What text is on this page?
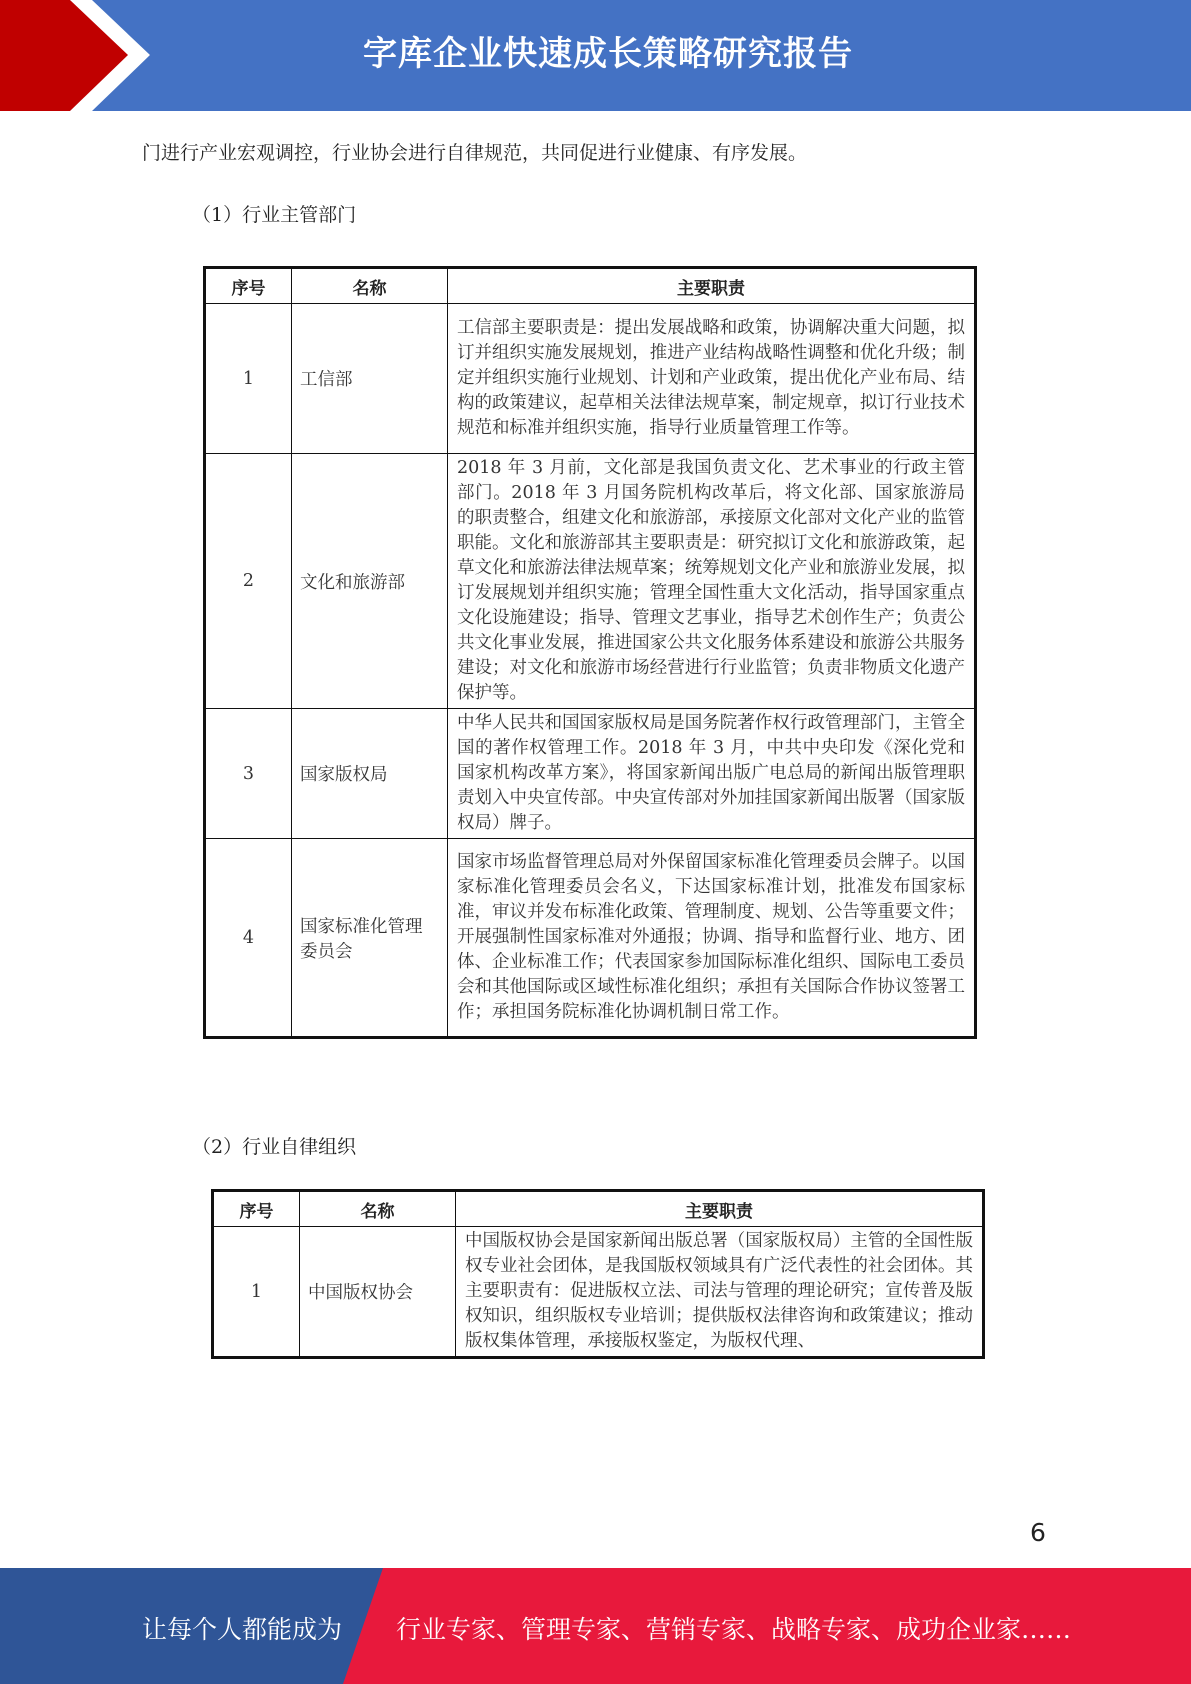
字库企业快速成长策略研究报告
门进行产业宏观调控，行业协会进行自律规范，共同促进行业健康、有序发展。
（1）行业主管部门
序号	名称	主要职责
1	工信部	工信部主要职责是：提出发展战略和政策，协调解决重大问题，拟订并组织实施发展规划，推进产业结构战略性调整和优化升级；制定并组织实施行业规划、计划和产业政策，提出优化产业布局、结构的政策建议，起草相关法律法规草案，制定规章，拟订行业技术规范和标准并组织实施，指导行业质量管理工作等。
2	文化和旅游部	2018 年 3 月前，文化部是我国负责文化、艺术事业的行政主管部门。2018 年 3 月国务院机构改革后，将文化部、国家旅游局的职责整合，组建文化和旅游部，承接原文化部对文化产业的监管职能。文化和旅游部其主要职责是：研究拟订文化和旅游政策，起草文化和旅游法律法规草案；统筹规划文化产业和旅游业发展，拟订发展规划并组织实施；管理全国性重大文化活动，指导国家重点文化设施建设；指导、管理文艺事业，指导艺术创作生产；负责公共文化事业发展，推进国家公共文化服务体系建设和旅游公共服务建设；对文化和旅游市场经营进行行业监管；负责非物质文化遗产保护等。
3	国家版权局	中华人民共和国国家版权局是国务院著作权行政管理部门，主管全国的著作权管理工作。2018 年 3 月，中共中央印发《深化党和国家机构改革方案》，将国家新闻出版广电总局的新闻出版管理职责划入中央宣传部。中央宣传部对外加挂国家新闻出版署（国家版权局）牌子。
4	国家标准化管理委员会	国家市场监督管理总局对外保留国家标准化管理委员会牌子。以国家标准化管理委员会名义，下达国家标准计划，批准发布国家标准，审议并发布标准化政策、管理制度、规划、公告等重要文件；开展强制性国家标准对外通报；协调、指导和监督行业、地方、团体、企业标准工作；代表国家参加国际标准化组织、国际电工委员会和其他国际或区域性标准化组织；承担有关国际合作协议签署工作；承担国务院标准化协调机制日常工作。
（2）行业自律组织
序号	名称	主要职责
1	中国版权协会	中国版权协会是国家新闻出版总署（国家版权局）主管的全国性版权专业社会团体，是我国版权领域具有广泛代表性的社会团体。其主要职责有：促进版权立法、司法与管理的理论研究；宣传普及版权知识，组织版权专业培训；提供版权法律咨询和政策建议；推动版权集体管理，承接版权鉴定，为版权代理、
6
让每个人都能成为 行业专家、管理专家、营销专家、战略专家、成功企业家……
